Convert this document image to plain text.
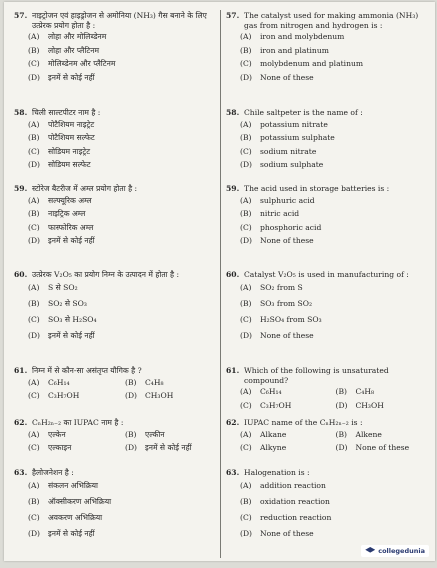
57. नाइट्रोजन एवं हाइड्रोजन से अमोनिया (NH₃) गैस बनाने के लिए उत्प्रेरक प्रयोग होता है :
(A)	लोहा और मोलिब्डेनम
(B)	लोहा और प्लैटिनम
(C)	मोलिब्डेनम और प्लैटिनम
(D)	इनमें से कोई नहीं
58. चिली साल्टपीटर नाम है :
(A)	पोटैशियम नाइट्रेट
(B)	पोटैशियम सल्फेट
(C)	सोडियम नाइट्रेट
(D)	सोडियम सल्फेट
59. स्टोरेज बैटरीज में अम्ल प्रयोग होता है :
(A)	सल्फ्यूरिक अम्ल
(B)	नाइट्रिक अम्ल
(C)	फास्फोरिक अम्ल
(D)	इनमें से कोई नहीं
60. उत्प्रेरक V₂O₅ का प्रयोग निम्न के उत्पादन में होता है :
(A)	S से SO₂
(B)	SO₂ से SO₃
(C)	SO₃ से H₂SO₄
(D)	इनमें से कोई नहीं
61. निम्न में से कौन-सा असंतृप्त यौगिक है ?
(A)	C₆H₁₄	(B)	C₄H₈
(C)	C₃H₇OH	(D)	CH₃OH
62. CₙH₂ₙ₋₂ का IUPAC नाम है :
(A)	एल्केन	(B)	एल्कीन
(C)	एल्काइन	(D)	इनमें से कोई नहीं
63. हैलोजनेशन है :
(A)	संकलन अभिक्रिया
(B)	ऑक्सीकरण अभिक्रिया
(C)	अवकरण अभिक्रिया
(D)	इनमें से कोई नहीं
57. The catalyst used for making ammonia (NH₃) gas from nitrogen and hydrogen is :
(A)	iron and molybdenum
(B)	iron and platinum
(C)	molybdenum and platinum
(D)	None of these
58. Chile saltpeter is the name of :
(A)	potassium nitrate
(B)	potassium sulphate
(C)	sodium nitrate
(D)	sodium sulphate
59. The acid used in storage batteries is :
(A)	sulphuric acid
(B)	nitric acid
(C)	phosphoric acid
(D)	None of these
60. Catalyst V₂O₅ is used in manufacturing of :
(A)	SO₂ from S
(B)	SO₃ from SO₂
(C)	H₂SO₄ from SO₃
(D)	None of these
61. Which of the following is unsaturated compound?
(A)	C₆H₁₄	(B)	C₄H₈
(C)	C₃H₇OH	(D)	CH₃OH
62. IUPAC name of the CₙH₂ₙ₋₂ is :
(A)	Alkane	(B)	Alkene
(C)	Alkyne	(D)	None of these
63. Halogenation is :
(A)	addition reaction
(B)	oxidation reaction
(C)	reduction reaction
(D)	None of these
collegedunia
